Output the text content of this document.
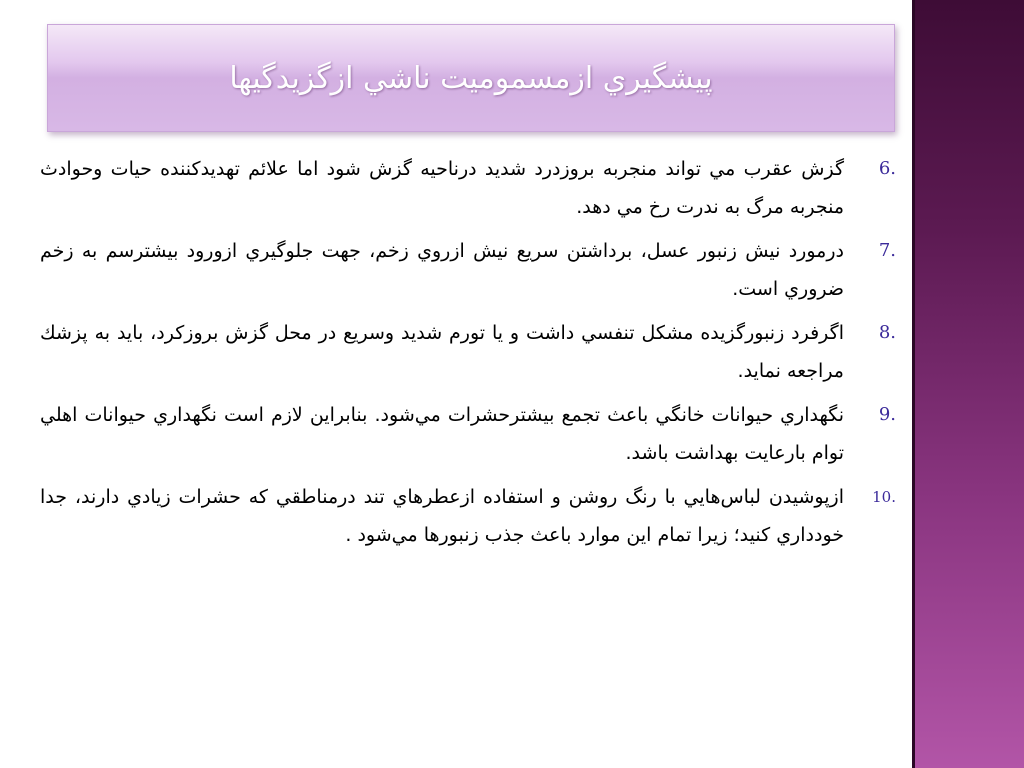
پيشگيري ازمسموميت ناشي ازگزيدگيها
6.
گزش عقرب مي تواند منجربه بروزدرد شديد درناحيه گزش شود اما علائم تهديدكننده حيات وحوادث منجربه مرگ به ندرت رخ مي دهد.
7.
درمورد نيش زنبور عسل، برداشتن سريع نيش ازروي زخم، جهت جلوگيري ازورود بيشترسم به زخم ضروري است.
8.
اگرفرد زنبورگزيده مشكل تنفسي داشت و يا تورم شديد وسريع در محل گزش بروزكرد، بايد به پزشك مراجعه نمايد.
9.
نگهداري حيوانات خانگي باعث تجمع بيشترحشرات مي‌شود. بنابراين لازم است نگهداري حيوانات اهلي توام بارعايت بهداشت باشد.
10.
ازپوشيدن لباس‌هايي با رنگ روشن و استفاده ازعطرهاي تند درمناطقي كه حشرات زيادي دارند، جدا خودداري كنيد؛ زيرا تمام اين موارد باعث جذب زنبورها مي‌شود .
